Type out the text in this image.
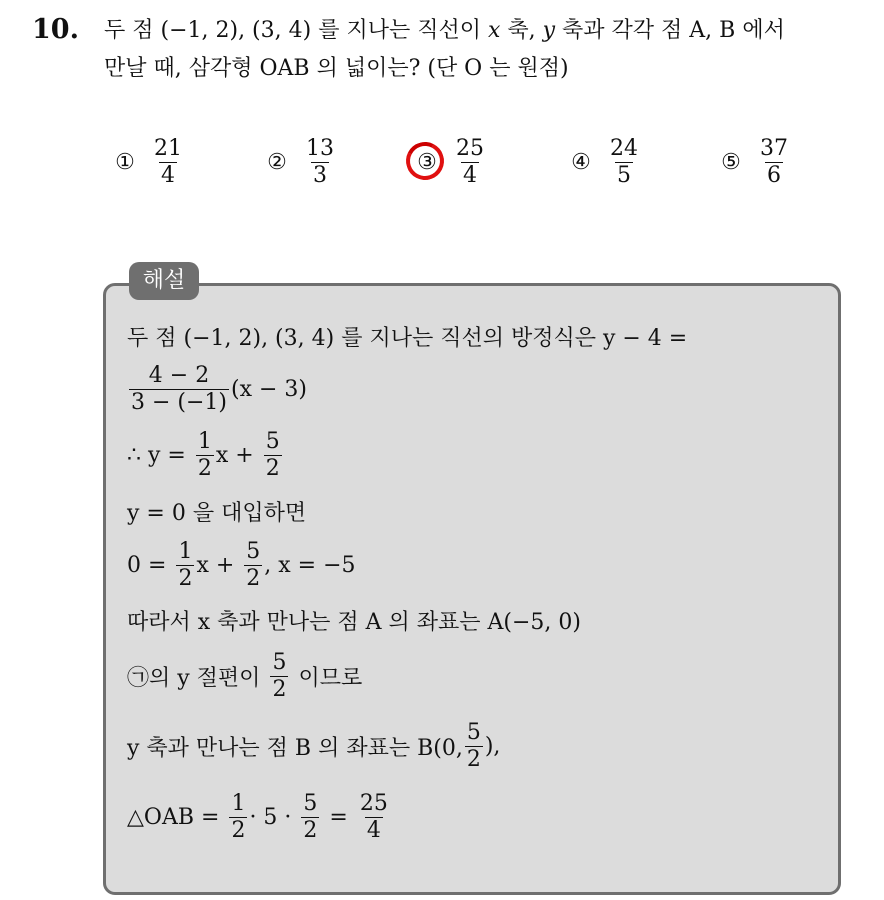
10. 두 점 (−1, 2), (3, 4) 를 지나는 직선이 x 축, y 축과 각각 점 A, B 에서
만날 때, 삼각형 OAB 의 넓이는? (단 O 는 원점)
① $\frac{21}{4}$	② $\frac{13}{3}$	③ $\frac{25}{4}$	④ $\frac{24}{5}$	⑤ $\frac{37}{6}$
해설
두 점 (−1, 2), (3, 4) 를 지나는 직선의 방정식은 y − 4 =
$\frac{4 - 2}{3 - (-1)} (x - 3)$
∴ $y = \frac{1}{2}$ $x + \frac{5}{2}$
y = 0 을 대입하면
$0 = \frac{1}{2}$ $x + \frac{5}{2}$ , x = −5
따라서 x 축과 만나는 점 A 의 좌표는 A(−5, 0)
㉠의 y 절편이 $\frac{5}{2}$ 이므로
y 축과 만나는 점 B 의 좌표는 B(0, $\frac{5}{2}$ ),
△OAB = $\frac{1}{2} \cdot 5 \cdot \frac{5}{2} = \frac{25}{4}$
